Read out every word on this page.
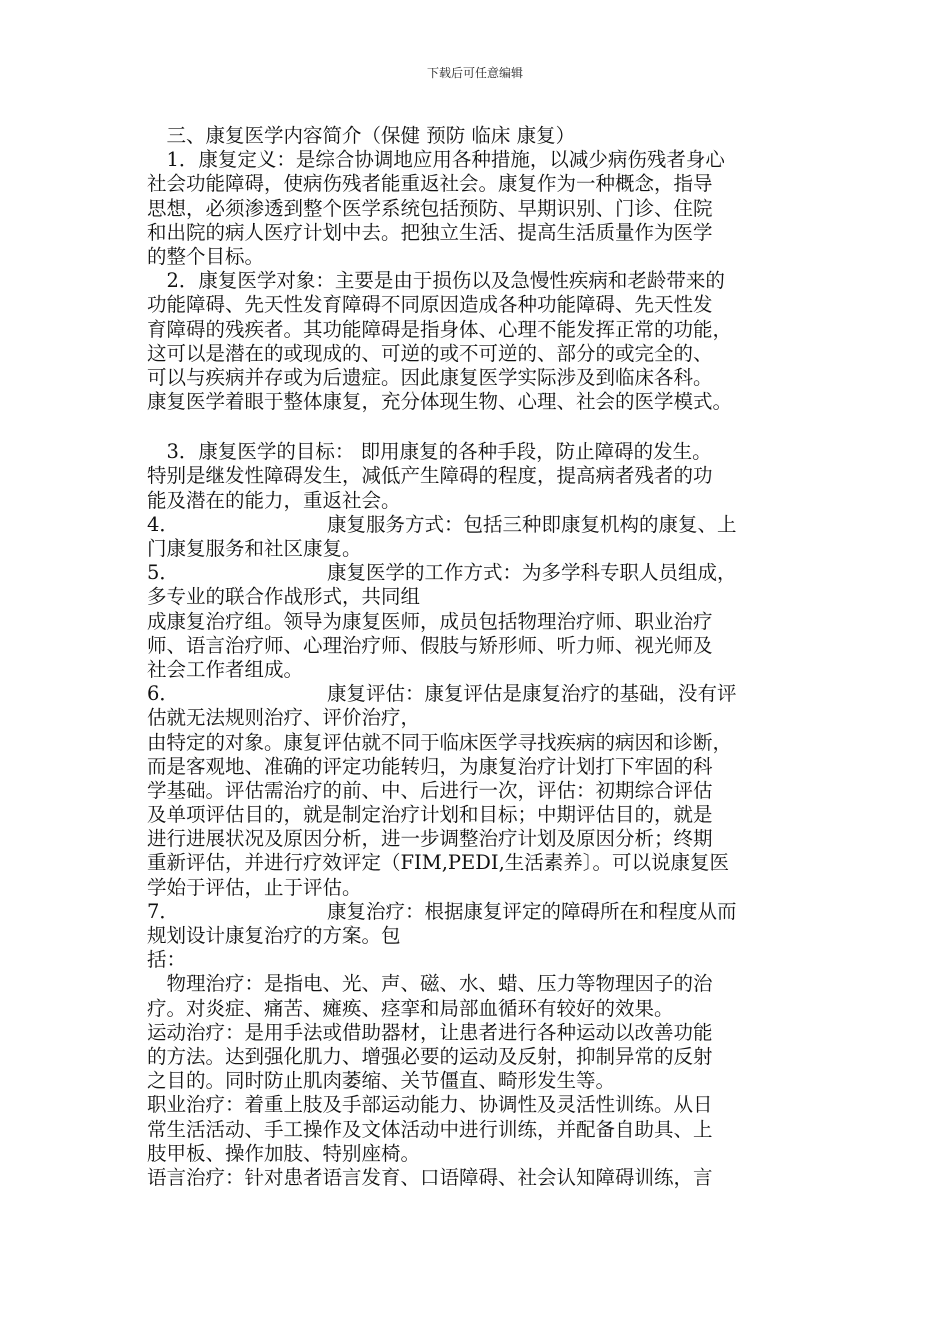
下载后可任意编辑
　三、康复医学内容简介（保健 预防 临床 康复）
　1．康复定义：是综合协调地应用各种措施，以减少病伤残者身心
社会功能障碍，使病伤残者能重返社会。康复作为一种概念，指导
思想，必须渗透到整个医学系统包括预防、早期识别、门诊、住院
和出院的病人医疗计划中去。把独立生活、提高生活质量作为医学
的整个目标。
　2．康复医学对象：主要是由于损伤以及急慢性疾病和老龄带来的
功能障碍、先天性发育障碍不同原因造成各种功能障碍、先天性发
育障碍的残疾者。其功能障碍是指身体、心理不能发挥正常的功能，
这可以是潜在的或现成的、可逆的或不可逆的、部分的或完全的、
可以与疾病并存或为后遗症。因此康复医学实际涉及到临床各科。
康复医学着眼于整体康复，充分体现生物、心理、社会的医学模式。
　3．康复医学的目标： 即用康复的各种手段，防止障碍的发生。
特别是继发性障碍发生，减低产生障碍的程度，提高病者残者的功
能及潜在的能力，重返社会。
4．	康复服务方式：包括三种即康复机构的康复、上
门康复服务和社区康复。
5．	康复医学的工作方式：为多学科专职人员组成，
多专业的联合作战形式，共同组
成康复治疗组。领导为康复医师，成员包括物理治疗师、职业治疗
师、语言治疗师、心理治疗师、假肢与矫形师、听力师、视光师及
社会工作者组成。
6．	康复评估：康复评估是康复治疗的基础，没有评
估就无法规则治疗、评价治疗，
由特定的对象。康复评估就不同于临床医学寻找疾病的病因和诊断，
而是客观地、准确的评定功能转归，为康复治疗计划打下牢固的科
学基础。评估需治疗的前、中、后进行一次，评估：初期综合评估
及单项评估目的，就是制定治疗计划和目标；中期评估目的，就是
进行进展状况及原因分析，进一步调整治疗计划及原因分析；终期
重新评估，并进行疗效评定（FIM,PEDI,生活素养〕。可以说康复医
学始于评估，止于评估。
7．	康复治疗：根据康复评定的障碍所在和程度从而
规划设计康复治疗的方案。包
括：
　物理治疗：是指电、光、声、磁、水、蜡、压力等物理因子的治
疗。对炎症、痛苦、瘫痪、痉挛和局部血循环有较好的效果。
运动治疗：是用手法或借助器材，让患者进行各种运动以改善功能
的方法。达到强化肌力、增强必要的运动及反射，抑制异常的反射
之目的。同时防止肌肉萎缩、关节僵直、畸形发生等。
职业治疗：着重上肢及手部运动能力、协调性及灵活性训练。从日
常生活活动、手工操作及文体活动中进行训练，并配备自助具、上
肢甲板、操作加肢、特别座椅。
语言治疗：针对患者语言发育、口语障碍、社会认知障碍训练，言
